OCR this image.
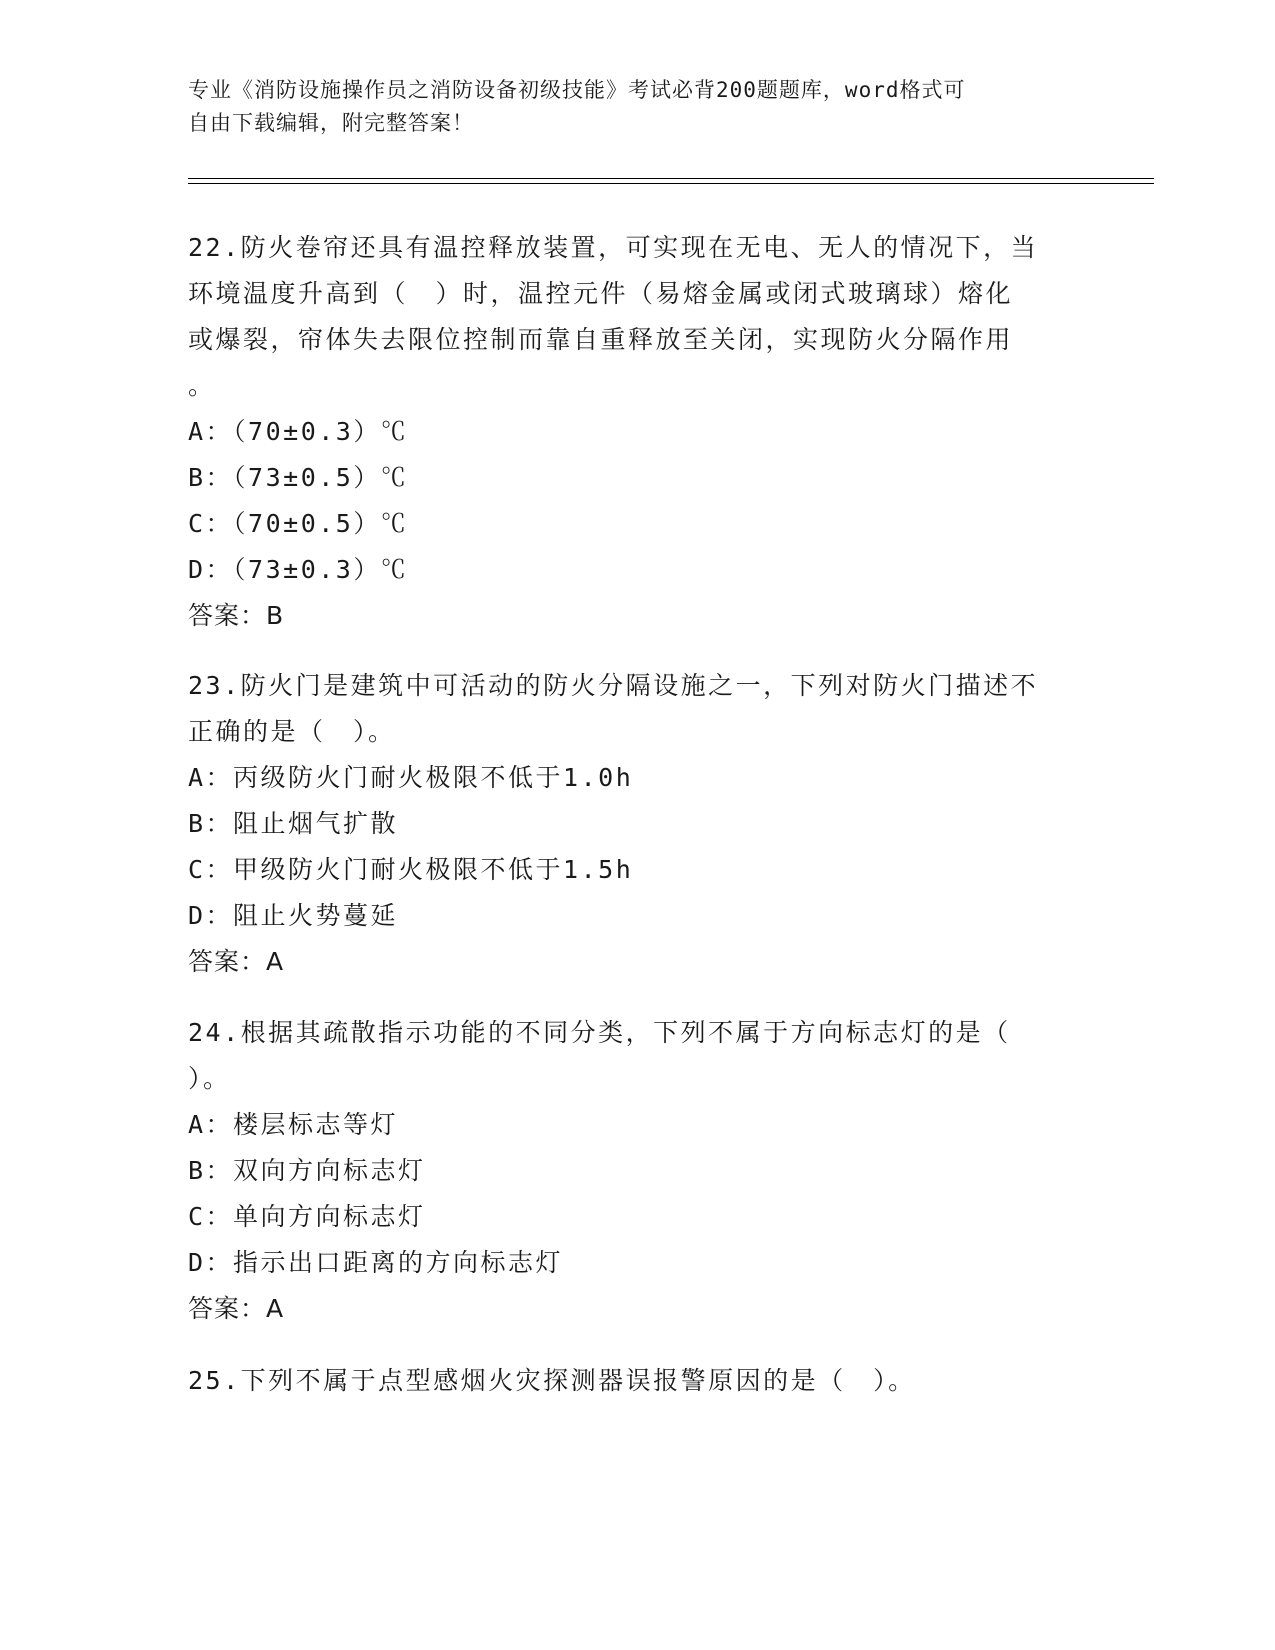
专业《消防设施操作员之消防设备初级技能》考试必背200题题库，word格式可
自由下载编辑，附完整答案！
22.防火卷帘还具有温控释放装置，可实现在无电、无人的情况下，当
环境温度升高到（　）时，温控元件（易熔金属或闭式玻璃球）熔化
或爆裂，帘体失去限位控制而靠自重释放至关闭，实现防火分隔作用
。
A：（70±0.3）℃
B：（73±0.5）℃
C：（70±0.5）℃
D：（73±0.3）℃
答案：B
23.防火门是建筑中可活动的防火分隔设施之一，下列对防火门描述不
正确的是（　）。
A：丙级防火门耐火极限不低于1.0h
B：阻止烟气扩散
C：甲级防火门耐火极限不低于1.5h
D：阻止火势蔓延
答案：A
24.根据其疏散指示功能的不同分类，下列不属于方向标志灯的是（
）。
A：楼层标志等灯
B：双向方向标志灯
C：单向方向标志灯
D：指示出口距离的方向标志灯
答案：A
25.下列不属于点型感烟火灾探测器误报警原因的是（　）。
